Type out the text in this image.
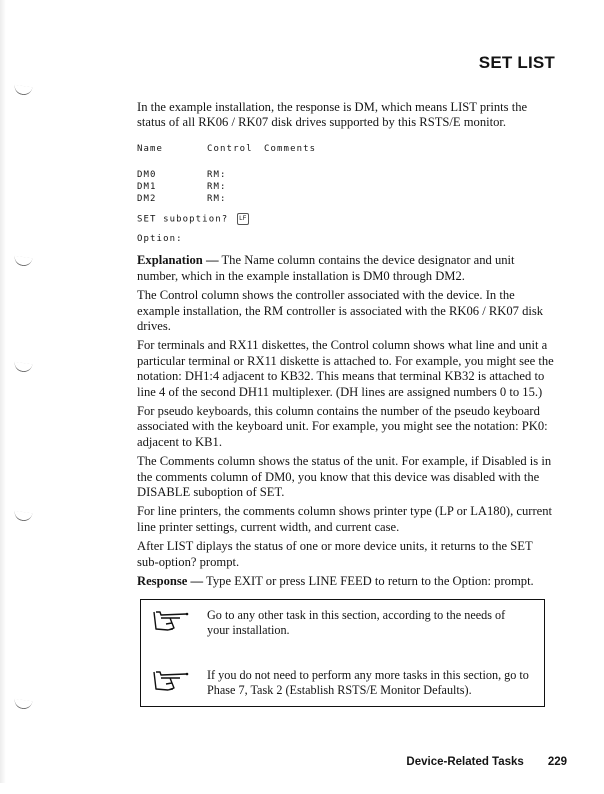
SET LIST
In the example installation, the response is DM, which means LIST prints the status of all RK06 / RK07 disk drives supported by this RSTS/E monitor.
Name	Control Comments
DM0	RM:
DM1	RM:
DM2	RM:
SET suboption? LF
Option:
Explanation — The Name column contains the device designator and unit number, which in the example installation is DM0 through DM2.
The Control column shows the controller associated with the device. In the example installation, the RM controller is associated with the RK06 / RK07 disk drives.
For terminals and RX11 diskettes, the Control column shows what line and unit a particular terminal or RX11 diskette is attached to. For example, you might see the notation: DH1:4 adjacent to KB32. This means that terminal KB32 is attached to line 4 of the second DH11 multiplexer. (DH lines are assigned numbers 0 to 15.)
For pseudo keyboards, this column contains the number of the pseudo keyboard associated with the keyboard unit. For example, you might see the notation: PK0: adjacent to KB1.
The Comments column shows the status of the unit. For example, if Disabled is in the comments column of DM0, you know that this device was disabled with the DISABLE suboption of SET.
For line printers, the comments column shows printer type (LP or LA180), current line printer settings, current width, and current case.
After LIST diplays the status of one or more device units, it returns to the SET sub-option? prompt.
Response — Type EXIT or press LINE FEED to return to the Option: prompt.
Go to any other task in this section, according to the needs of your installation.
If you do not need to perform any more tasks in this section, go to Phase 7, Task 2 (Establish RSTS/E Monitor Defaults).
Device-Related Tasks 229
